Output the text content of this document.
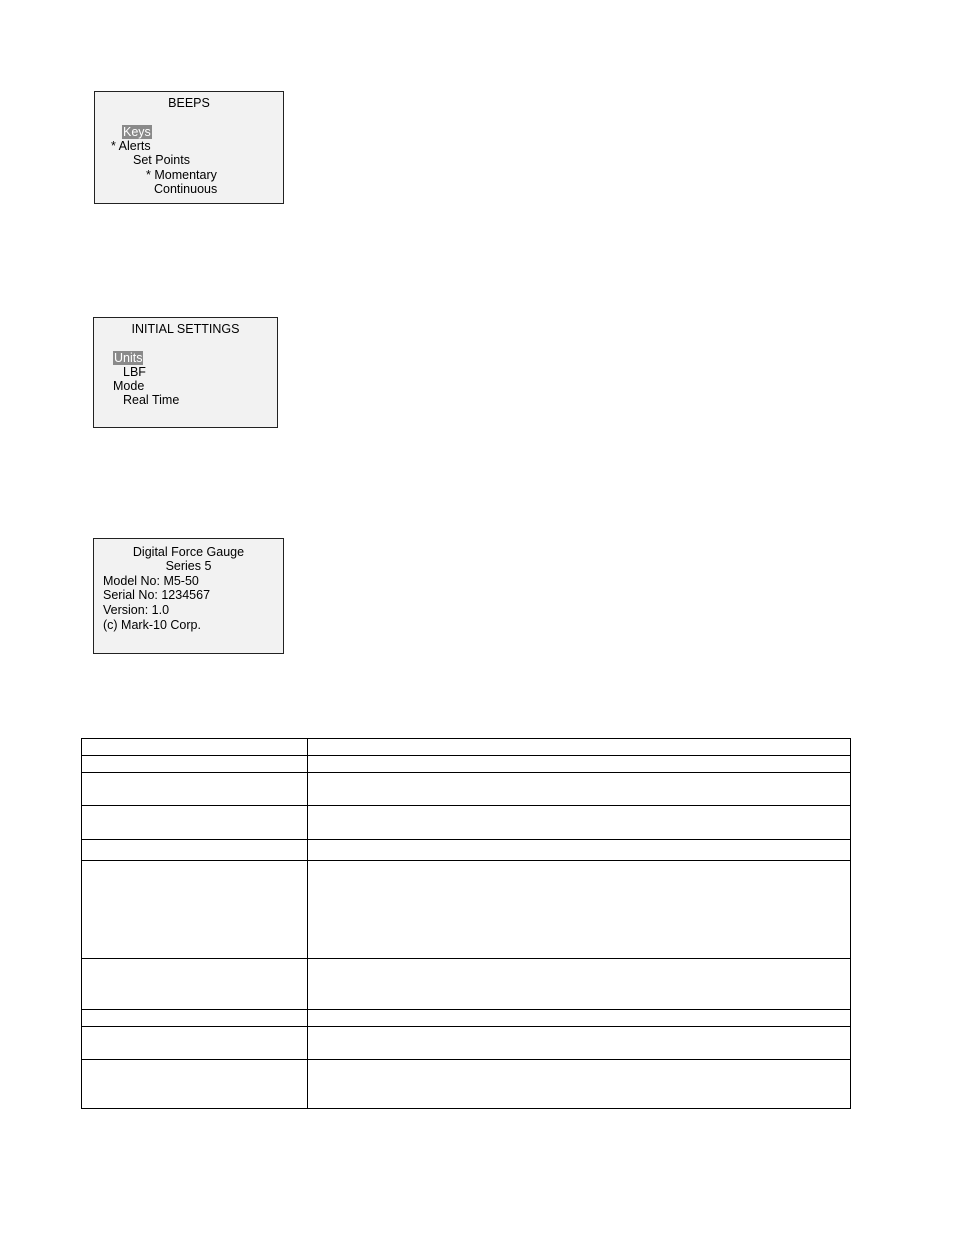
BEEPS
Keys
* Alerts
Set Points
* Momentary
Continuous
INITIAL SETTINGS
Units
LBF
Mode
Real Time
Digital Force Gauge
Series 5
Model No: M5-50
Serial No: 1234567
Version: 1.0
(c) Mark-10 Corp.
